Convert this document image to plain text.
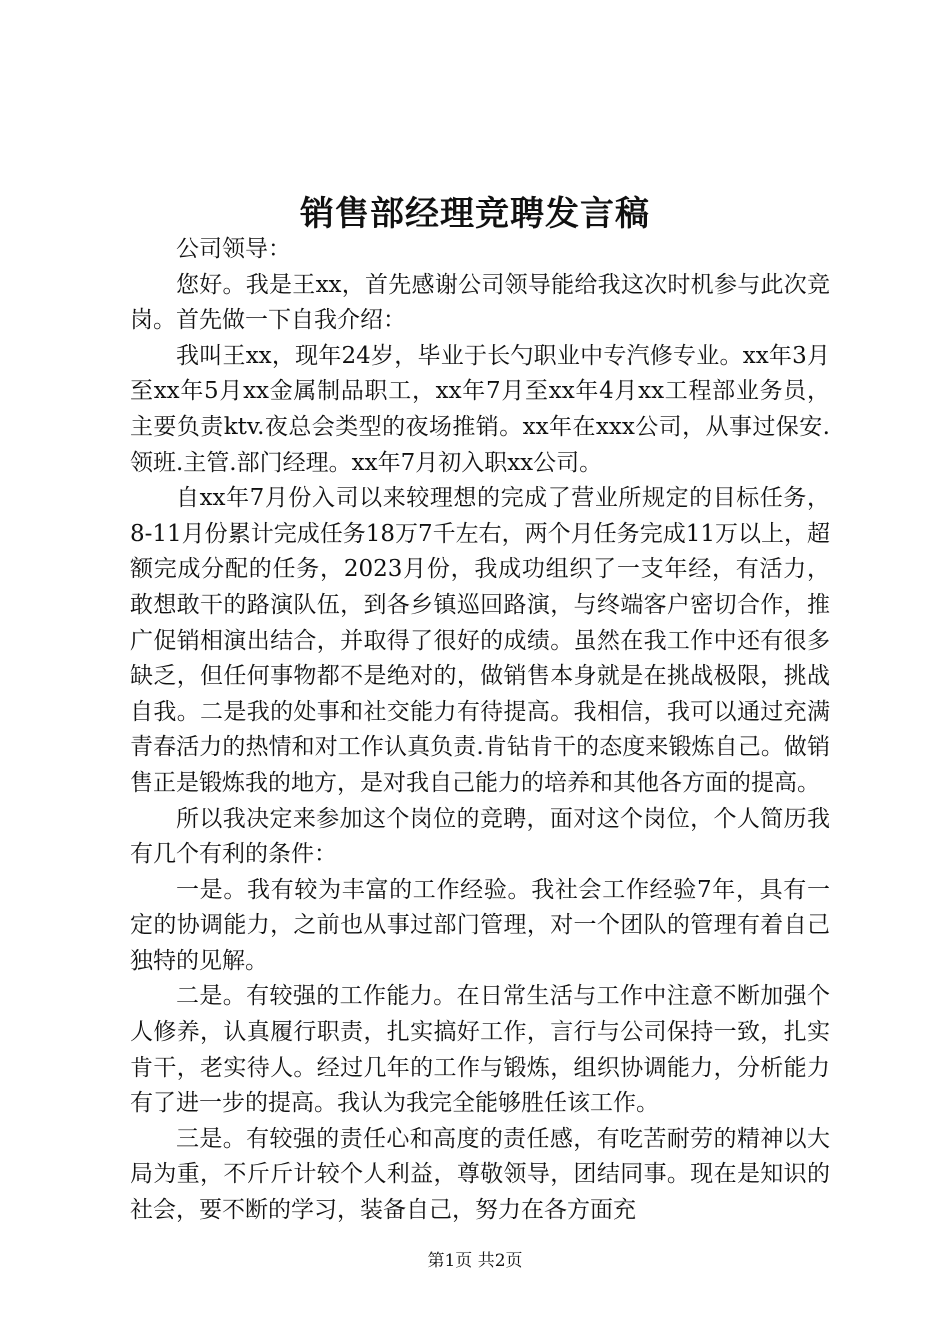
销售部经理竞聘发言稿

公司领导：

您好。我是王xx，首先感谢公司领导能给我这次时机参与此次竞岗。首先做一下自我介绍：

我叫王xx，现年24岁，毕业于长勺职业中专汽修专业。xx年3月至xx年5月xx金属制品职工，xx年7月至xx年4月xx工程部业务员，主要负责ktv.夜总会类型的夜场推销。xx年在xxx公司，从事过保安.领班.主管.部门经理。xx年7月初入职xx公司。

自xx年7月份入司以来较理想的完成了营业所规定的目标任务，8-11月份累计完成任务18万7千左右，两个月任务完成11万以上，超额完成分配的任务，2023月份，我成功组织了一支年经，有活力，敢想敢干的路演队伍，到各乡镇巡回路演，与终端客户密切合作，推广促销相演出结合，并取得了很好的成绩。虽然在我工作中还有很多缺乏，但任何事物都不是绝对的，做销售本身就是在挑战极限，挑战自我。二是我的处事和社交能力有待提高。我相信，我可以通过充满青春活力的热情和对工作认真负责.肯钻肯干的态度来锻炼自己。做销售正是锻炼我的地方，是对我自己能力的培养和其他各方面的提高。

所以我决定来参加这个岗位的竞聘，面对这个岗位，个人简历我有几个有利的条件：

一是。我有较为丰富的工作经验。我社会工作经验7年，具有一定的协调能力，之前也从事过部门管理，对一个团队的管理有着自己独特的见解。

二是。有较强的工作能力。在日常生活与工作中注意不断加强个人修养，认真履行职责，扎实搞好工作，言行与公司保持一致，扎实肯干，老实待人。经过几年的工作与锻炼，组织协调能力，分析能力有了进一步的提高。我认为我完全能够胜任该工作。

三是。有较强的责任心和高度的责任感，有吃苦耐劳的精神以大局为重，不斤斤计较个人利益，尊敬领导，团结同事。现在是知识的社会，要不断的学习，装备自己，努力在各方面充

第1页 共2页
